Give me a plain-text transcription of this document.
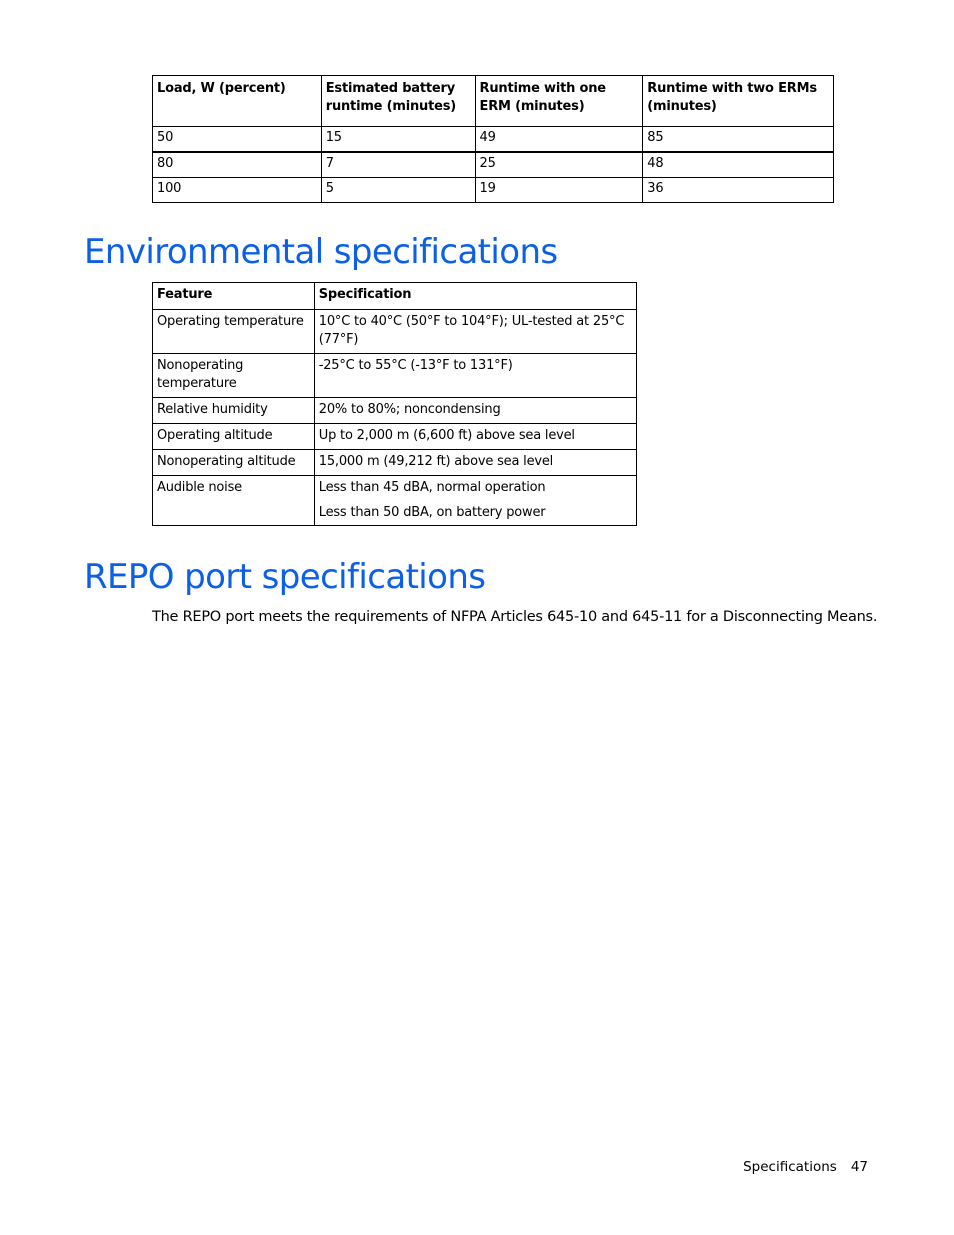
Load, W (percent)	Estimated battery runtime (minutes)	Runtime with one ERM (minutes)	Runtime with two ERMs (minutes)
50	15	49	85
80	7	25	48
100	5	19	36
Environmental specifications
Feature	Specification
Operating temperature	10°C to 40°C (50°F to 104°F); UL-tested at 25°C (77°F)
Nonoperating temperature	-25°C to 55°C (-13°F to 131°F)
Relative humidity	20% to 80%; noncondensing
Operating altitude	Up to 2,000 m (6,600 ft) above sea level
Nonoperating altitude	15,000 m (49,212 ft) above sea level
Audible noise	Less than 45 dBA, normal operation
Less than 50 dBA, on battery power
REPO port specifications

The REPO port meets the requirements of NFPA Articles 645-10 and 645-11 for a Disconnecting Means.

Specifications 47
